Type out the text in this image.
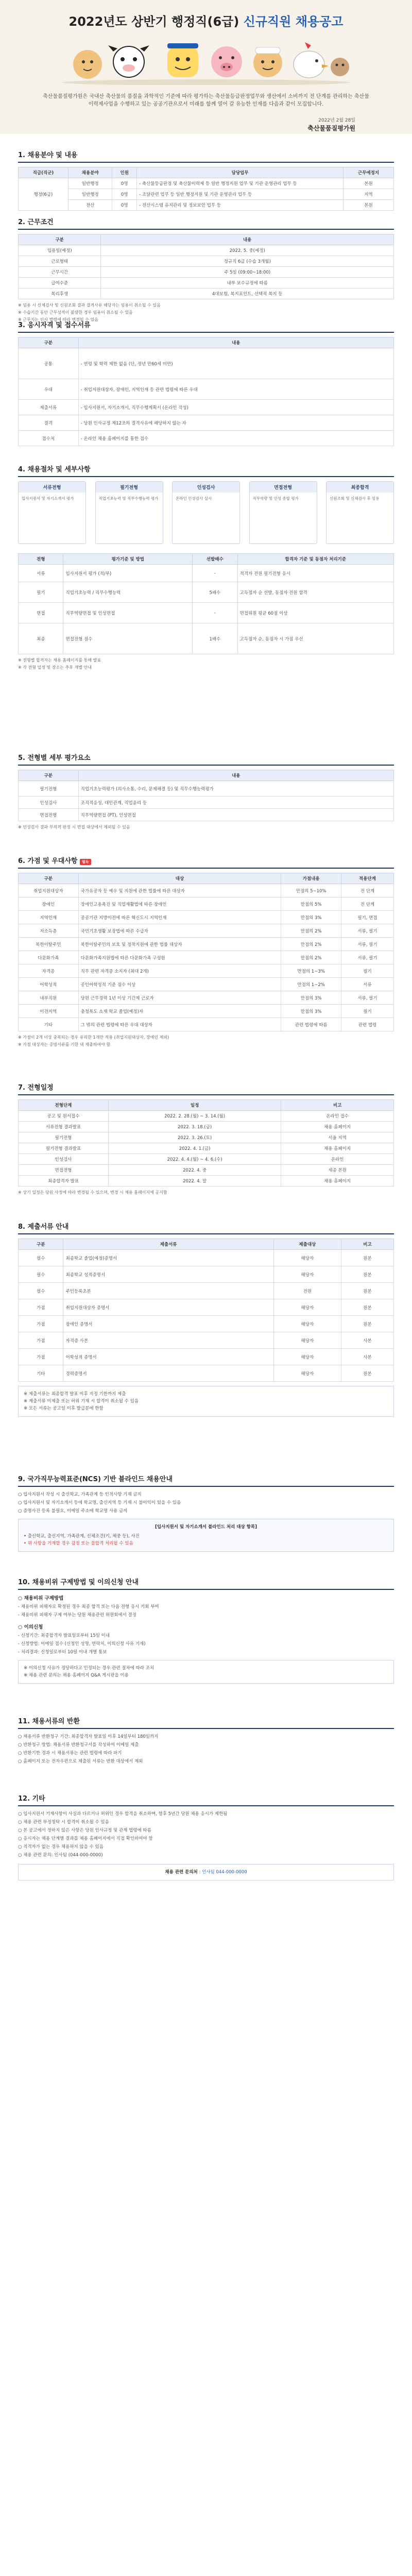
2022년도 상반기 행정직(6급) 신규직원 채용공고
축산물품질평가원은 국내산 축산물의 품질을 과학적인 기준에 따라 평가하는 축산물등급판정업무와 생산에서 소비까지 전 단계를 관리하는 축산물이력제사업을 수행하고 있는 공공기관으로서 미래를 함께 열어 갈 유능한 인재를 다음과 같이 모집합니다.
2022년 2월 28일
축산물품질평가원
1. 채용분야 및 내용
직급(직군)	채용분야	인원	담당업무	근무예정지
행정(6급)	일반행정	0명	- 축산물등급판정 및 축산물이력제 등 일반 행정지원 업무 및 기관 운영관리 업무 등	본원
	일반행정	0명	- 조달관련 업무 등 일반 행정지원 및 기관 운영관리 업무 등	지역
	전산	0명	- 전산시스템 유지관리 및 정보보안 업무 등	본원
2. 근무조건
구분	내용
임용일(예정)	2022. 5. 중(예정)
근로형태	정규직 6급 (수습 3개월)
근무시간	주 5일 (09:00~18:00)
급여수준	내부 보수규정에 따름
복리후생	4대보험, 복지포인트, 선택적 복지 등
※ 임용 시 신체검사 및 신원조회 결과 결격사유 해당자는 임용이 취소될 수 있음
※ 수습기간 동안 근무성적이 불량한 경우 임용이 취소될 수 있음
※ 근무지는 인사 발령에 따라 변경될 수 있음
3. 응시자격 및 접수서류
구분	내용
공통	- 연령 및 학력 제한 없음 (단, 정년 만60세 미만)
우대	- 취업지원대상자, 장애인, 지역인재 등 관련 법령에 따른 우대
제출서류	- 입사지원서, 자기소개서, 직무수행계획서 (온라인 작성)
결격	- 당원 인사규정 제12조의 결격사유에 해당하지 않는 자
접수처	- 온라인 채용 홈페이지를 통한 접수
4. 채용절차 및 세부사항
서류전형
입사지원서 및 자기소개서 평가
필기전형
직업기초능력 및 직무수행능력 평가
인성검사
온라인 인성검사 실시
면접전형
직무역량 및 인성 종합 평가
최종합격
신원조회 및 신체검사 후 임용
전형	평가기준 및 방법	선발배수	합격자 기준 및 동점자 처리기준
서류	입사지원서 평가 (적/부)	-	적격자 전원 필기전형 응시
필기	직업기초능력 / 직무수행능력	5배수	고득점자 순 선발, 동점자 전원 합격
면접	직무역량면접 및 인성면접	-	면접위원 평균 60점 이상
최종	면접전형 점수	1배수	고득점자 순, 동점자 시 가점 우선
※ 전형별 합격자는 채용 홈페이지를 통해 발표
※ 각 전형 일정 및 장소는 추후 개별 안내
5. 전형별 세부 평가요소
구분	내용
필기전형	직업기초능력평가 (의사소통, 수리, 문제해결 등) 및 직무수행능력평가
인성검사	조직적응성, 대인관계, 직업윤리 등
면접전형	직무역량면접 (PT), 인성면접
※ 인성검사 결과 부적격 판정 시 면접 대상에서 제외될 수 있음
6. 가점 및 우대사항 필독
구분	대상	가점내용	적용단계
취업지원대상자	국가유공자 등 예우 및 지원에 관한 법률에 따른 대상자	만점의 5~10%	전 단계
장애인	장애인고용촉진 및 직업재활법에 따른 장애인	만점의 5%	전 단계
지역인재	공공기관 지방이전에 따른 혁신도시 지역인재	만점의 3%	필기, 면접
저소득층	국민기초생활 보장법에 따른 수급자	만점의 2%	서류, 필기
북한이탈주민	북한이탈주민의 보호 및 정착지원에 관한 법률 대상자	만점의 2%	서류, 필기
다문화가족	다문화가족지원법에 따른 다문화가족 구성원	만점의 2%	서류, 필기
자격증	직무 관련 자격증 소지자 (최대 2개)	만점의 1~3%	필기
어학성적	공인어학성적 기준 점수 이상	만점의 1~2%	서류
내부직원	당원 근무경력 1년 이상 기간제 근로자	만점의 3%	서류, 필기
이전지역	충청북도 소재 학교 졸업(예정)자	만점의 3%	필기
기타	그 밖의 관련 법령에 따른 우대 대상자	관련 법령에 따름	관련 법령
※ 가점이 2개 이상 중복되는 경우 유리한 1개만 적용 (취업지원대상자, 장애인 제외)
※ 가점 대상자는 증빙서류를 기한 내 제출하여야 함
7. 전형일정
전형단계	일정	비고
공고 및 원서접수	2022. 2. 28.(월) ~ 3. 14.(월)	온라인 접수
서류전형 결과발표	2022. 3. 18.(금)	채용 홈페이지
필기전형	2022. 3. 26.(토)	서울 지역
필기전형 결과발표	2022. 4. 1.(금)	채용 홈페이지
인성검사	2022. 4. 4.(월) ~ 4. 6.(수)	온라인
면접전형	2022. 4. 중	세종 본원
최종합격자 발표	2022. 4. 말	채용 홈페이지
※ 상기 일정은 당원 사정에 따라 변경될 수 있으며, 변경 시 채용 홈페이지에 공지함
8. 제출서류 안내
구분	제출서류	제출대상	비고
필수	최종학교 졸업(예정)증명서	해당자	원본
필수	최종학교 성적증명서	해당자	원본
필수	주민등록초본	전원	원본
가점	취업지원대상자 증명서	해당자	원본
가점	장애인 증명서	해당자	원본
가점	자격증 사본	해당자	사본
가점	어학성적 증명서	해당자	사본
기타	경력증명서	해당자	원본
※ 제출서류는 최종합격 발표 이후 지정 기한까지 제출
※ 제출서류 미제출 또는 허위 기재 시 합격이 취소될 수 있음
※ 모든 서류는 공고일 이후 발급분에 한함
9. 국가직무능력표준(NCS) 기반 블라인드 채용안내
○ 입사지원서 작성 시 출신학교, 가족관계 등 인적사항 기재 금지
○ 입사지원서 및 자기소개서 등에 학교명, 출신지역 등 기재 시 불이익이 있을 수 있음
○ 증명사진 등록 불필요, 이메일 주소에 학교명 사용 금지
[입사지원서 및 자기소개서 블라인드 처리 대상 항목]
• 출신학교, 출신지역, 가족관계, 신체조건(키, 체중 등), 사진
• 위 사항을 기재할 경우 감점 또는 불합격 처리될 수 있음
10. 채용비위 구제방법 및 이의신청 안내
○ 채용비위 구제방법
- 채용비위 피해자로 확정된 경우 최종 합격 또는 다음 전형 응시 기회 부여
- 채용비위 피해자 구제 여부는 당원 채용관련 위원회에서 결정
○ 이의신청
- 신청기간: 최종합격자 발표일로부터 15일 이내
- 신청방법: 이메일 접수 (신청인 성명, 연락처, 이의신청 사유 기재)
- 처리결과: 신청일로부터 10일 이내 개별 통보
※ 이의신청 사유가 정당하다고 인정되는 경우 관련 절차에 따라 조치
※ 채용 관련 문의는 채용 홈페이지 Q&A 게시판을 이용
11. 채용서류의 반환
○ 채용서류 반환청구 기간: 최종합격자 발표일 이후 14일부터 180일까지
○ 반환청구 방법: 채용서류 반환청구서를 작성하여 이메일 제출
○ 반환기한 경과 시 채용서류는 관련 법령에 따라 파기
○ 홈페이지 또는 전자우편으로 제출된 서류는 반환 대상에서 제외
12. 기타
○ 입사지원서 기재사항이 사실과 다르거나 허위인 경우 합격을 취소하며, 향후 5년간 당원 채용 응시가 제한됨
○ 채용 관련 부정청탁 시 합격이 취소될 수 있음
○ 본 공고에서 정하지 않은 사항은 당원 인사규정 및 관계 법령에 따름
○ 응시자는 채용 단계별 결과를 채용 홈페이지에서 직접 확인하여야 함
○ 적격자가 없는 경우 채용하지 않을 수 있음
○ 채용 관련 문의: 인사팀 (044-000-0000)
채용 관련 문의처 : 인사팀 044-000-0000
